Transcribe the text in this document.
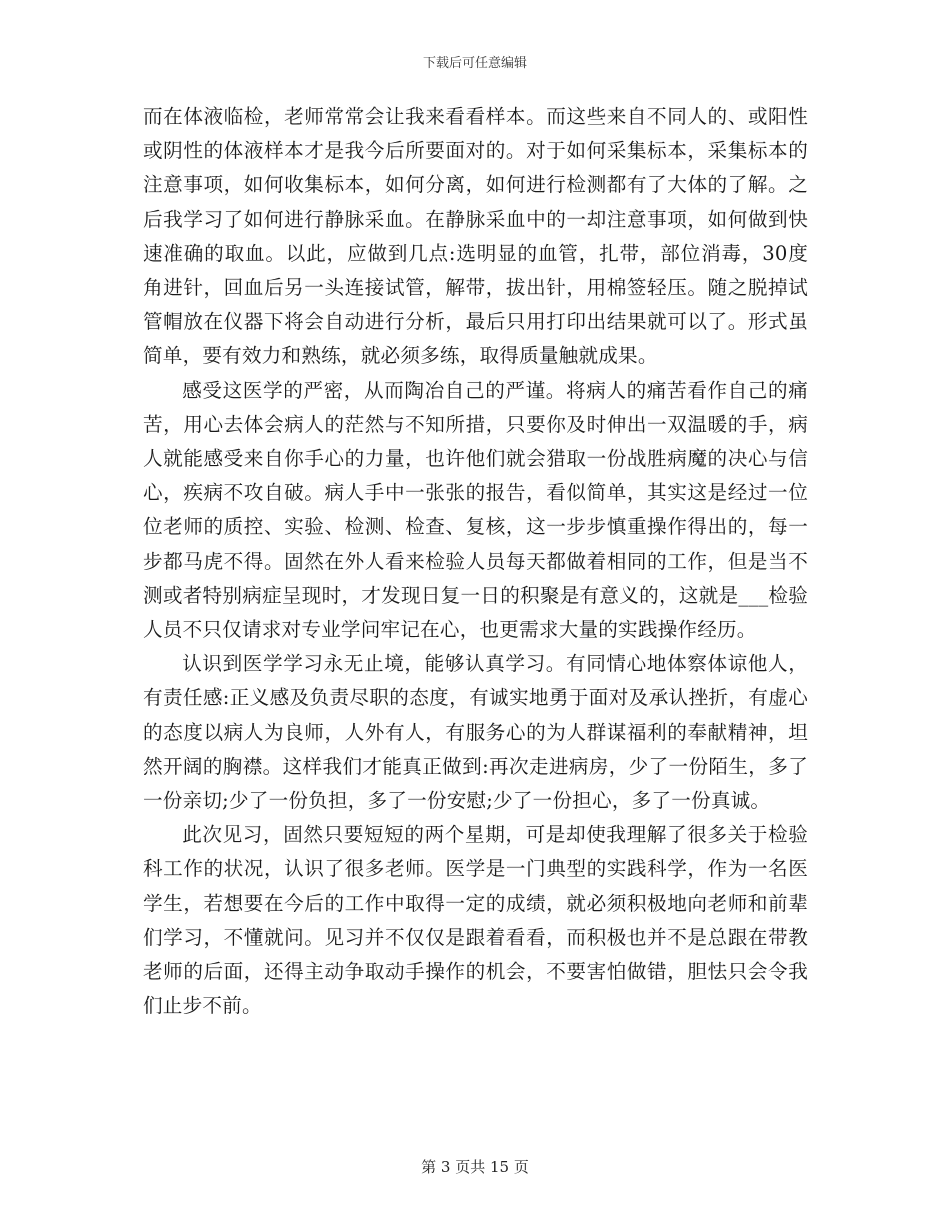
下载后可任意编辑

而在体液临检，老师常常会让我来看看样本。而这些来自不同人的、或阳性或阴性的体液样本才是我今后所要面对的。对于如何采集标本，采集标本的注意事项，如何收集标本，如何分离，如何进行检测都有了大体的了解。之后我学习了如何进行静脉采血。在静脉采血中的一却注意事项，如何做到快速准确的取血。以此，应做到几点:选明显的血管，扎带，部位消毒，30度角进针，回血后另一头连接试管，解带，拔出针，用棉签轻压。随之脱掉试管帽放在仪器下将会自动进行分析，最后只用打印出结果就可以了。形式虽简单，要有效力和熟练，就必须多练，取得质量触就成果。

感受这医学的严密，从而陶冶自己的严谨。将病人的痛苦看作自己的痛苦，用心去体会病人的茫然与不知所措，只要你及时伸出一双温暖的手，病人就能感受来自你手心的力量，也许他们就会猎取一份战胜病魔的决心与信心，疾病不攻自破。病人手中一张张的报告，看似简单，其实这是经过一位位老师的质控、实验、检测、检查、复核，这一步步慎重操作得出的，每一步都马虎不得。固然在外人看来检验人员每天都做着相同的工作，但是当不测或者特别病症呈现时，才发现日复一日的积聚是有意义的，这就是___检验人员不只仅请求对专业学问牢记在心，也更需求大量的实践操作经历。

认识到医学学习永无止境，能够认真学习。有同情心地体察体谅他人，有责任感:正义感及负责尽职的态度，有诚实地勇于面对及承认挫折，有虚心的态度以病人为良师，人外有人，有服务心的为人群谋福利的奉献精神，坦然开阔的胸襟。这样我们才能真正做到:再次走进病房，少了一份陌生，多了一份亲切;少了一份负担，多了一份安慰;少了一份担心，多了一份真诚。

此次见习，固然只要短短的两个星期，可是却使我理解了很多关于检验科工作的状况，认识了很多老师。医学是一门典型的实践科学，作为一名医学生，若想要在今后的工作中取得一定的成绩，就必须积极地向老师和前辈们学习，不懂就问。见习并不仅仅是跟着看看，而积极也并不是总跟在带教老师的后面，还得主动争取动手操作的机会，不要害怕做错，胆怯只会令我们止步不前。

第 3 页共 15 页
